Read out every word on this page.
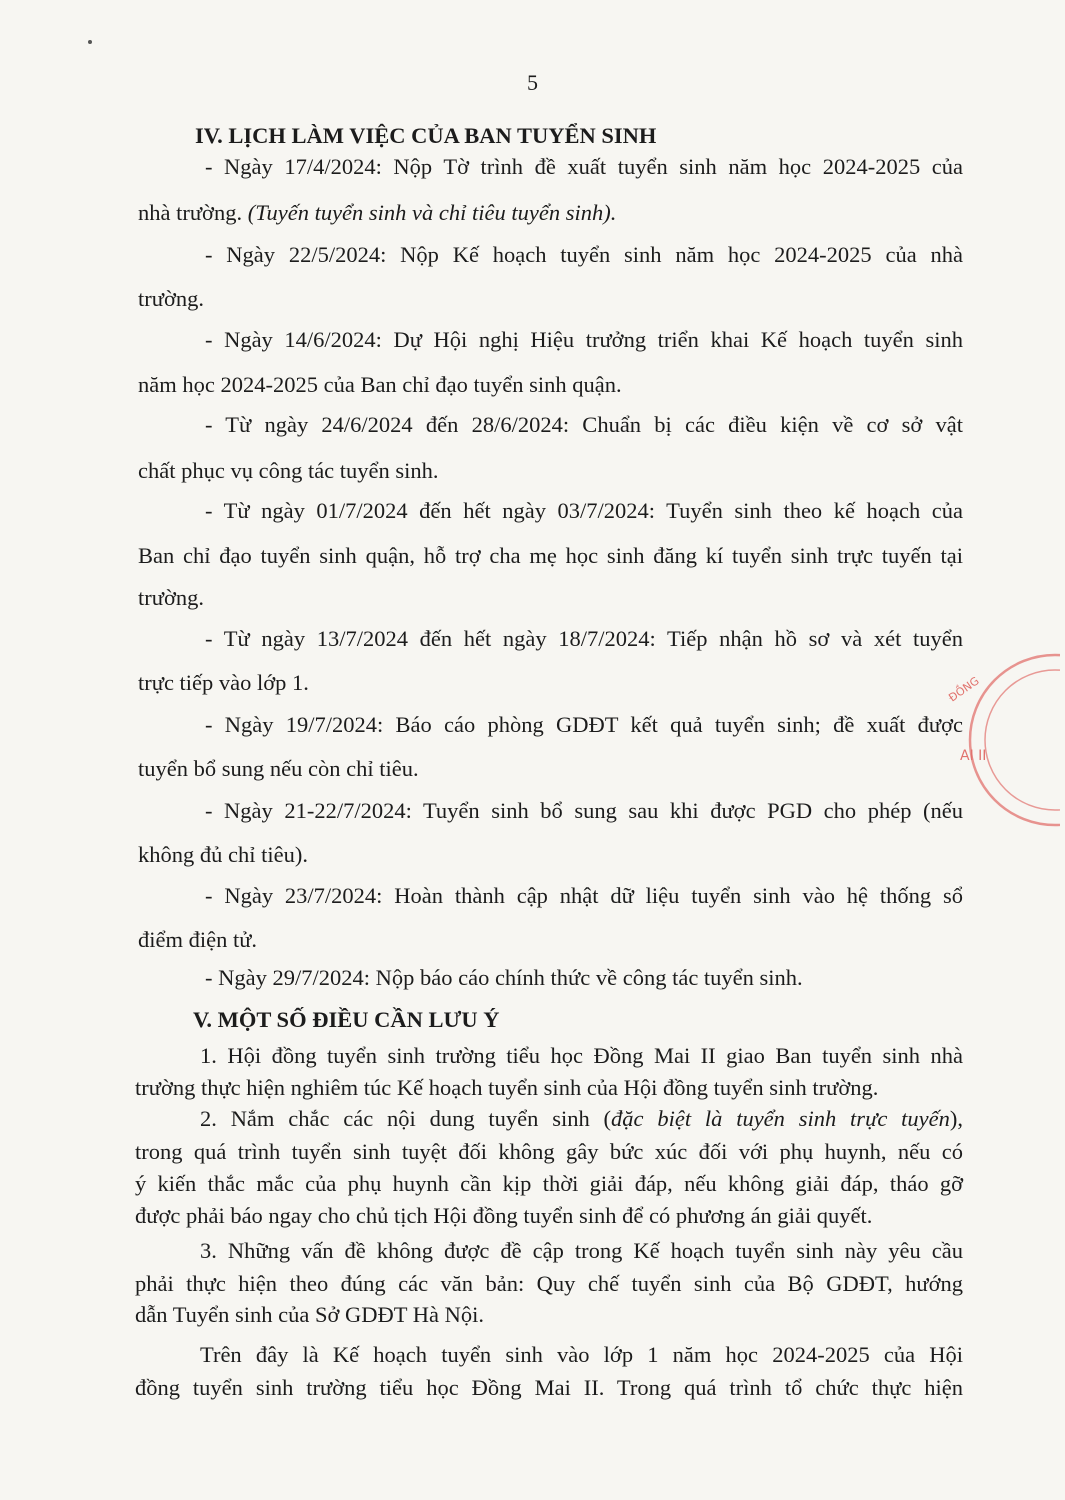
5
IV. LỊCH LÀM VIỆC CỦA BAN TUYỂN SINH
- Ngày 17/4/2024: Nộp Tờ trình đề xuất tuyển sinh năm học 2024-2025 của
nhà trường. (Tuyến tuyển sinh và chỉ tiêu tuyển sinh).
- Ngày 22/5/2024: Nộp Kế hoạch tuyển sinh năm học 2024-2025 của nhà
trường.
- Ngày 14/6/2024: Dự Hội nghị Hiệu trưởng triển khai Kế hoạch tuyển sinh
năm học 2024-2025 của Ban chỉ đạo tuyển sinh quận.
- Từ ngày 24/6/2024 đến 28/6/2024: Chuẩn bị các điều kiện về cơ sở vật
chất phục vụ công tác tuyển sinh.
- Từ ngày 01/7/2024 đến hết ngày 03/7/2024: Tuyển sinh theo kế hoạch của
Ban chỉ đạo tuyển sinh quận, hỗ trợ cha mẹ học sinh đăng kí tuyển sinh trực tuyến tại
trường.
- Từ ngày 13/7/2024 đến hết ngày 18/7/2024: Tiếp nhận hồ sơ và xét tuyển
trực tiếp vào lớp 1.
- Ngày 19/7/2024: Báo cáo phòng GDĐT kết quả tuyển sinh; đề xuất được
tuyển bổ sung nếu còn chỉ tiêu.
- Ngày 21-22/7/2024: Tuyển sinh bổ sung sau khi được PGD cho phép (nếu
không đủ chỉ tiêu).
- Ngày 23/7/2024: Hoàn thành cập nhật dữ liệu tuyển sinh vào hệ thống sổ
điểm điện tử.
- Ngày 29/7/2024: Nộp báo cáo chính thức về công tác tuyển sinh.
V. MỘT SỐ ĐIỀU CẦN LƯU Ý
1. Hội đồng tuyển sinh trường tiểu học Đồng Mai II giao Ban tuyển sinh nhà
trường thực hiện nghiêm túc Kế hoạch tuyển sinh của Hội đồng tuyển sinh trường.
2. Nắm chắc các nội dung tuyển sinh (đặc biệt là tuyển sinh trực tuyến),
trong quá trình tuyển sinh tuyệt đối không gây bức xúc đối với phụ huynh, nếu có
ý kiến thắc mắc của phụ huynh cần kịp thời giải đáp, nếu không giải đáp, tháo gỡ
được phải báo ngay cho chủ tịch Hội đồng tuyển sinh để có phương án giải quyết.
3. Những vấn đề không được đề cập trong Kế hoạch tuyển sinh này yêu cầu
phải thực hiện theo đúng các văn bản: Quy chế tuyển sinh của Bộ GDĐT, hướng
dẫn Tuyển sinh của Sở GDĐT Hà Nội.
Trên đây là Kế hoạch tuyển sinh vào lớp 1 năm học 2024-2025 của Hội
đồng tuyển sinh trường tiểu học Đồng Mai II. Trong quá trình tổ chức thực hiện
ĐỒNG
AI II
